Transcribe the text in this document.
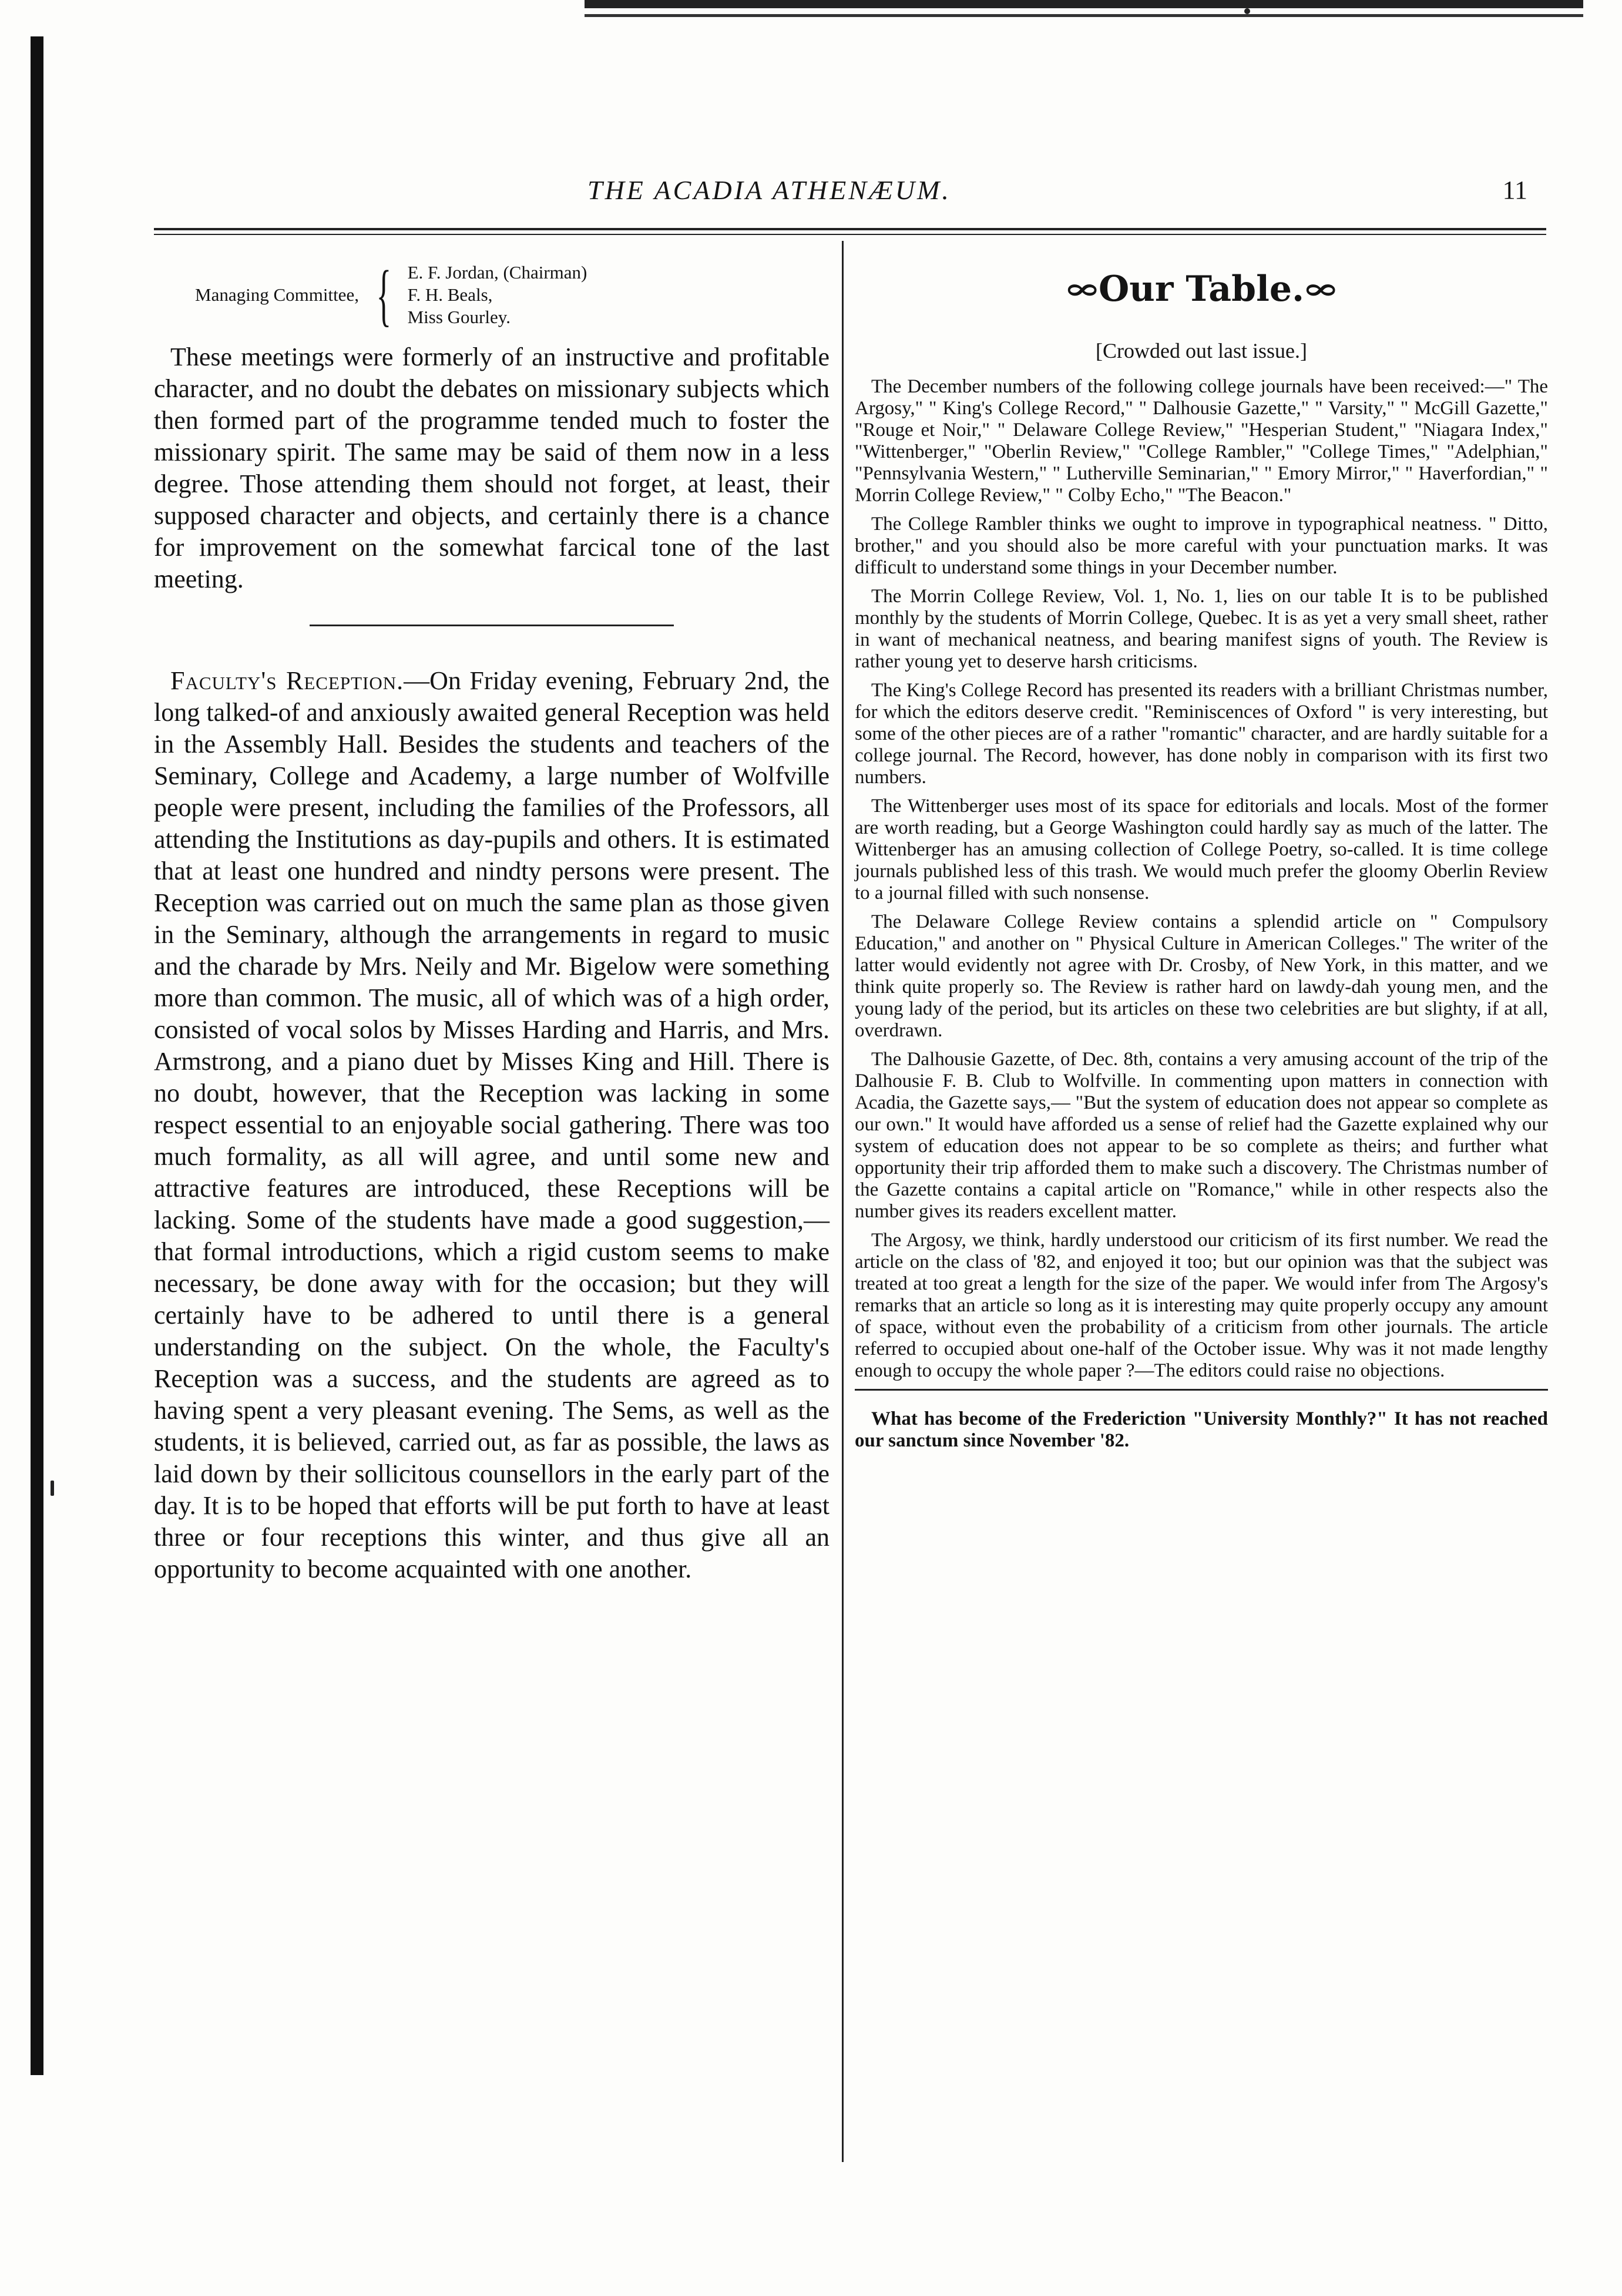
THE ACADIA ATHENÆUM.	11
Managing Committee, { E. F. Jordan, (Chairman)
F. H. Beals,
Miss Gourley.

These meetings were formerly of an instructive and profitable character, and no doubt the debates on missionary subjects which then formed part of the programme tended much to foster the missionary spirit. The same may be said of them now in a less degree. Those attending them should not forget, at least, their supposed character and objects, and certainly there is a chance for improvement on the somewhat farcical tone of the last meeting.

Faculty's Reception.—On Friday evening, February 2nd, the long talked-of and anxiously awaited general Reception was held in the Assembly Hall. Besides the students and teachers of the Seminary, College and Academy, a large number of Wolfville people were present, including the families of the Professors, all attending the Institutions as day-pupils and others. It is estimated that at least one hundred and nindty persons were present. The Reception was carried out on much the same plan as those given in the Seminary, although the arrangements in regard to music and the charade by Mrs. Neily and Mr. Bigelow were something more than common. The music, all of which was of a high order, consisted of vocal solos by Misses Harding and Harris, and Mrs. Armstrong, and a piano duet by Misses King and Hill. There is no doubt, however, that the Reception was lacking in some respect essential to an enjoyable social gathering. There was too much formality, as all will agree, and until some new and attractive features are introduced, these Receptions will be lacking. Some of the students have made a good suggestion,—that formal introductions, which a rigid custom seems to make necessary, be done away with for the occasion; but they will certainly have to be adhered to until there is a general understanding on the subject. On the whole, the Faculty's Reception was a success, and the students are agreed as to having spent a very pleasant evening. The Sems, as well as the students, it is believed, carried out, as far as possible, the laws as laid down by their sollicitous counsellors in the early part of the day. It is to be hoped that efforts will be put forth to have at least three or four receptions this winter, and thus give all an opportunity to become acquainted with one another.

∞
Our Table.
∞
[Crowded out last issue.]

The December numbers of the following college journals have been received:—" The Argosy," " King's College Record," " Dalhousie Gazette," " Varsity," " McGill Gazette," "Rouge et Noir," " Delaware College Review," "Hesperian Student," "Niagara Index," "Wittenberger," "Oberlin Review," "College Rambler," "College Times," "Adelphian," "Pennsylvania Western," " Lutherville Seminarian," " Emory Mirror," " Haverfordian," " Morrin College Review," " Colby Echo," "The Beacon."

The College Rambler thinks we ought to improve in typographical neatness. " Ditto, brother," and you should also be more careful with your punctuation marks. It was difficult to understand some things in your December number.

The Morrin College Review, Vol. 1, No. 1, lies on our table It is to be published monthly by the students of Morrin College, Quebec. It is as yet a very small sheet, rather in want of mechanical neatness, and bearing manifest signs of youth. The Review is rather young yet to deserve harsh criticisms.

The King's College Record has presented its readers with a brilliant Christmas number, for which the editors deserve credit. "Reminiscences of Oxford " is very interesting, but some of the other pieces are of a rather "romantic" character, and are hardly suitable for a college journal. The Record, however, has done nobly in comparison with its first two numbers.

The Wittenberger uses most of its space for editorials and locals. Most of the former are worth reading, but a George Washington could hardly say as much of the latter. The Wittenberger has an amusing collection of College Poetry, so-called. It is time college journals published less of this trash. We would much prefer the gloomy Oberlin Review to a journal filled with such nonsense.

The Delaware College Review contains a splendid article on " Compulsory Education," and another on " Physical Culture in American Colleges." The writer of the latter would evidently not agree with Dr. Crosby, of New York, in this matter, and we think quite properly so. The Review is rather hard on lawdy-dah young men, and the young lady of the period, but its articles on these two celebrities are but slighty, if at all, overdrawn.

The Dalhousie Gazette, of Dec. 8th, contains a very amusing account of the trip of the Dalhousie F. B. Club to Wolfville. In commenting upon matters in connection with Acadia, the Gazette says,— "But the system of education does not appear so complete as our own." It would have afforded us a sense of relief had the Gazette explained why our system of education does not appear to be so complete as theirs; and further what opportunity their trip afforded them to make such a discovery. The Christmas number of the Gazette contains a capital article on "Romance," while in other respects also the number gives its readers excellent matter.

The Argosy, we think, hardly understood our criticism of its first number. We read the article on the class of '82, and enjoyed it too; but our opinion was that the subject was treated at too great a length for the size of the paper. We would infer from The Argosy's remarks that an article so long as it is interesting may quite properly occupy any amount of space, without even the probability of a criticism from other journals. The article referred to occupied about one-half of the October issue. Why was it not made lengthy enough to occupy the whole paper ?—The editors could raise no objections.

What has become of the Frederiction "University Monthly?" It has not reached our sanctum since November '82.
